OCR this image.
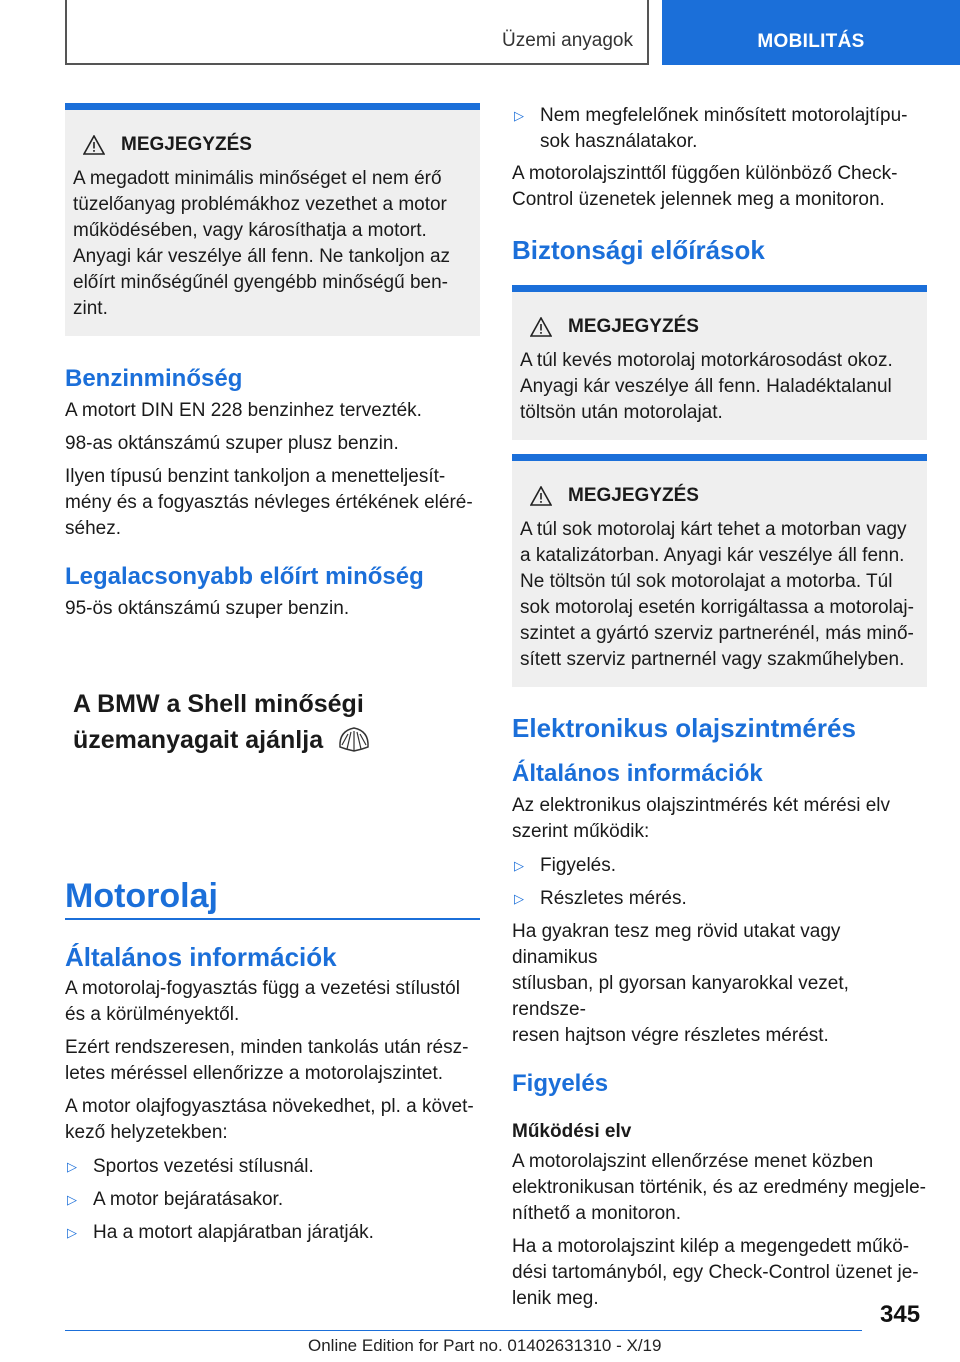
Üzemi anyagok	MOBILITÁS
MEGJEGYZÉS
A megadott minimális minőséget el nem érő
tüzelőanyag problémákhoz vezethet a motor
működésében, vagy károsíthatja a motort.
Anyagi kár veszélye áll fenn. Ne tankoljon az
előírt minőségűnél gyengébb minőségű ben-
zint.
Benzinminőség
A motort DIN EN 228 benzinhez tervezték.
98-as oktánszámú szuper plusz benzin.
Ilyen típusú benzint tankoljon a menetteljesít-
mény és a fogyasztás névleges értékének eléré-
séhez.
Legalacsonyabb előírt minőség
95-ös oktánszámú szuper benzin.
A BMW a Shell minőségi
üzemanyagait ajánlja
Motorolaj
Általános információk
A motorolaj-fogyasztás függ a vezetési stílustól
és a körülményektől.
Ezért rendszeresen, minden tankolás után rész-
letes méréssel ellenőrizze a motorolajszintet.
A motor olajfogyasztása növekedhet, pl. a követ-
kező helyzetekben:
▷ Sportos vezetési stílusnál.
▷ A motor bejáratásakor.
▷ Ha a motort alapjáratban járatják.
▷ Nem megfelelőnek minősített motorolajtípu-
sok használatakor.
A motorolajszinttől függően különböző Check-
Control üzenetek jelennek meg a monitoron.
Biztonsági előírások
MEGJEGYZÉS
A túl kevés motorolaj motorkárosodást okoz.
Anyagi kár veszélye áll fenn. Haladéktalanul
töltsön után motorolajat.
MEGJEGYZÉS
A túl sok motorolaj kárt tehet a motorban vagy
a katalizátorban. Anyagi kár veszélye áll fenn.
Ne töltsön túl sok motorolajat a motorba. Túl
sok motorolaj esetén korrigáltassa a motorolaj-
szintet a gyártó szerviz partnerénél, más minő-
sített szerviz partnernél vagy szakműhelyben.
Elektronikus olajszintmérés
Általános információk
Az elektronikus olajszintmérés két mérési elv
szerint működik:
▷ Figyelés.
▷ Részletes mérés.
Ha gyakran tesz meg rövid utakat vagy dinamikus
stílusban, pl gyorsan kanyarokkal vezet, rendsze-
resen hajtson végre részletes mérést.
Figyelés
Működési elv
A motorolajszint ellenőrzése menet közben
elektronikusan történik, és az eredmény megjele-
níthető a monitoron.
Ha a motorolajszint kilép a megengedett műkö-
dési tartományból, egy Check-Control üzenet je-
lenik meg.
345
Online Edition for Part no. 01402631310 - X/19
